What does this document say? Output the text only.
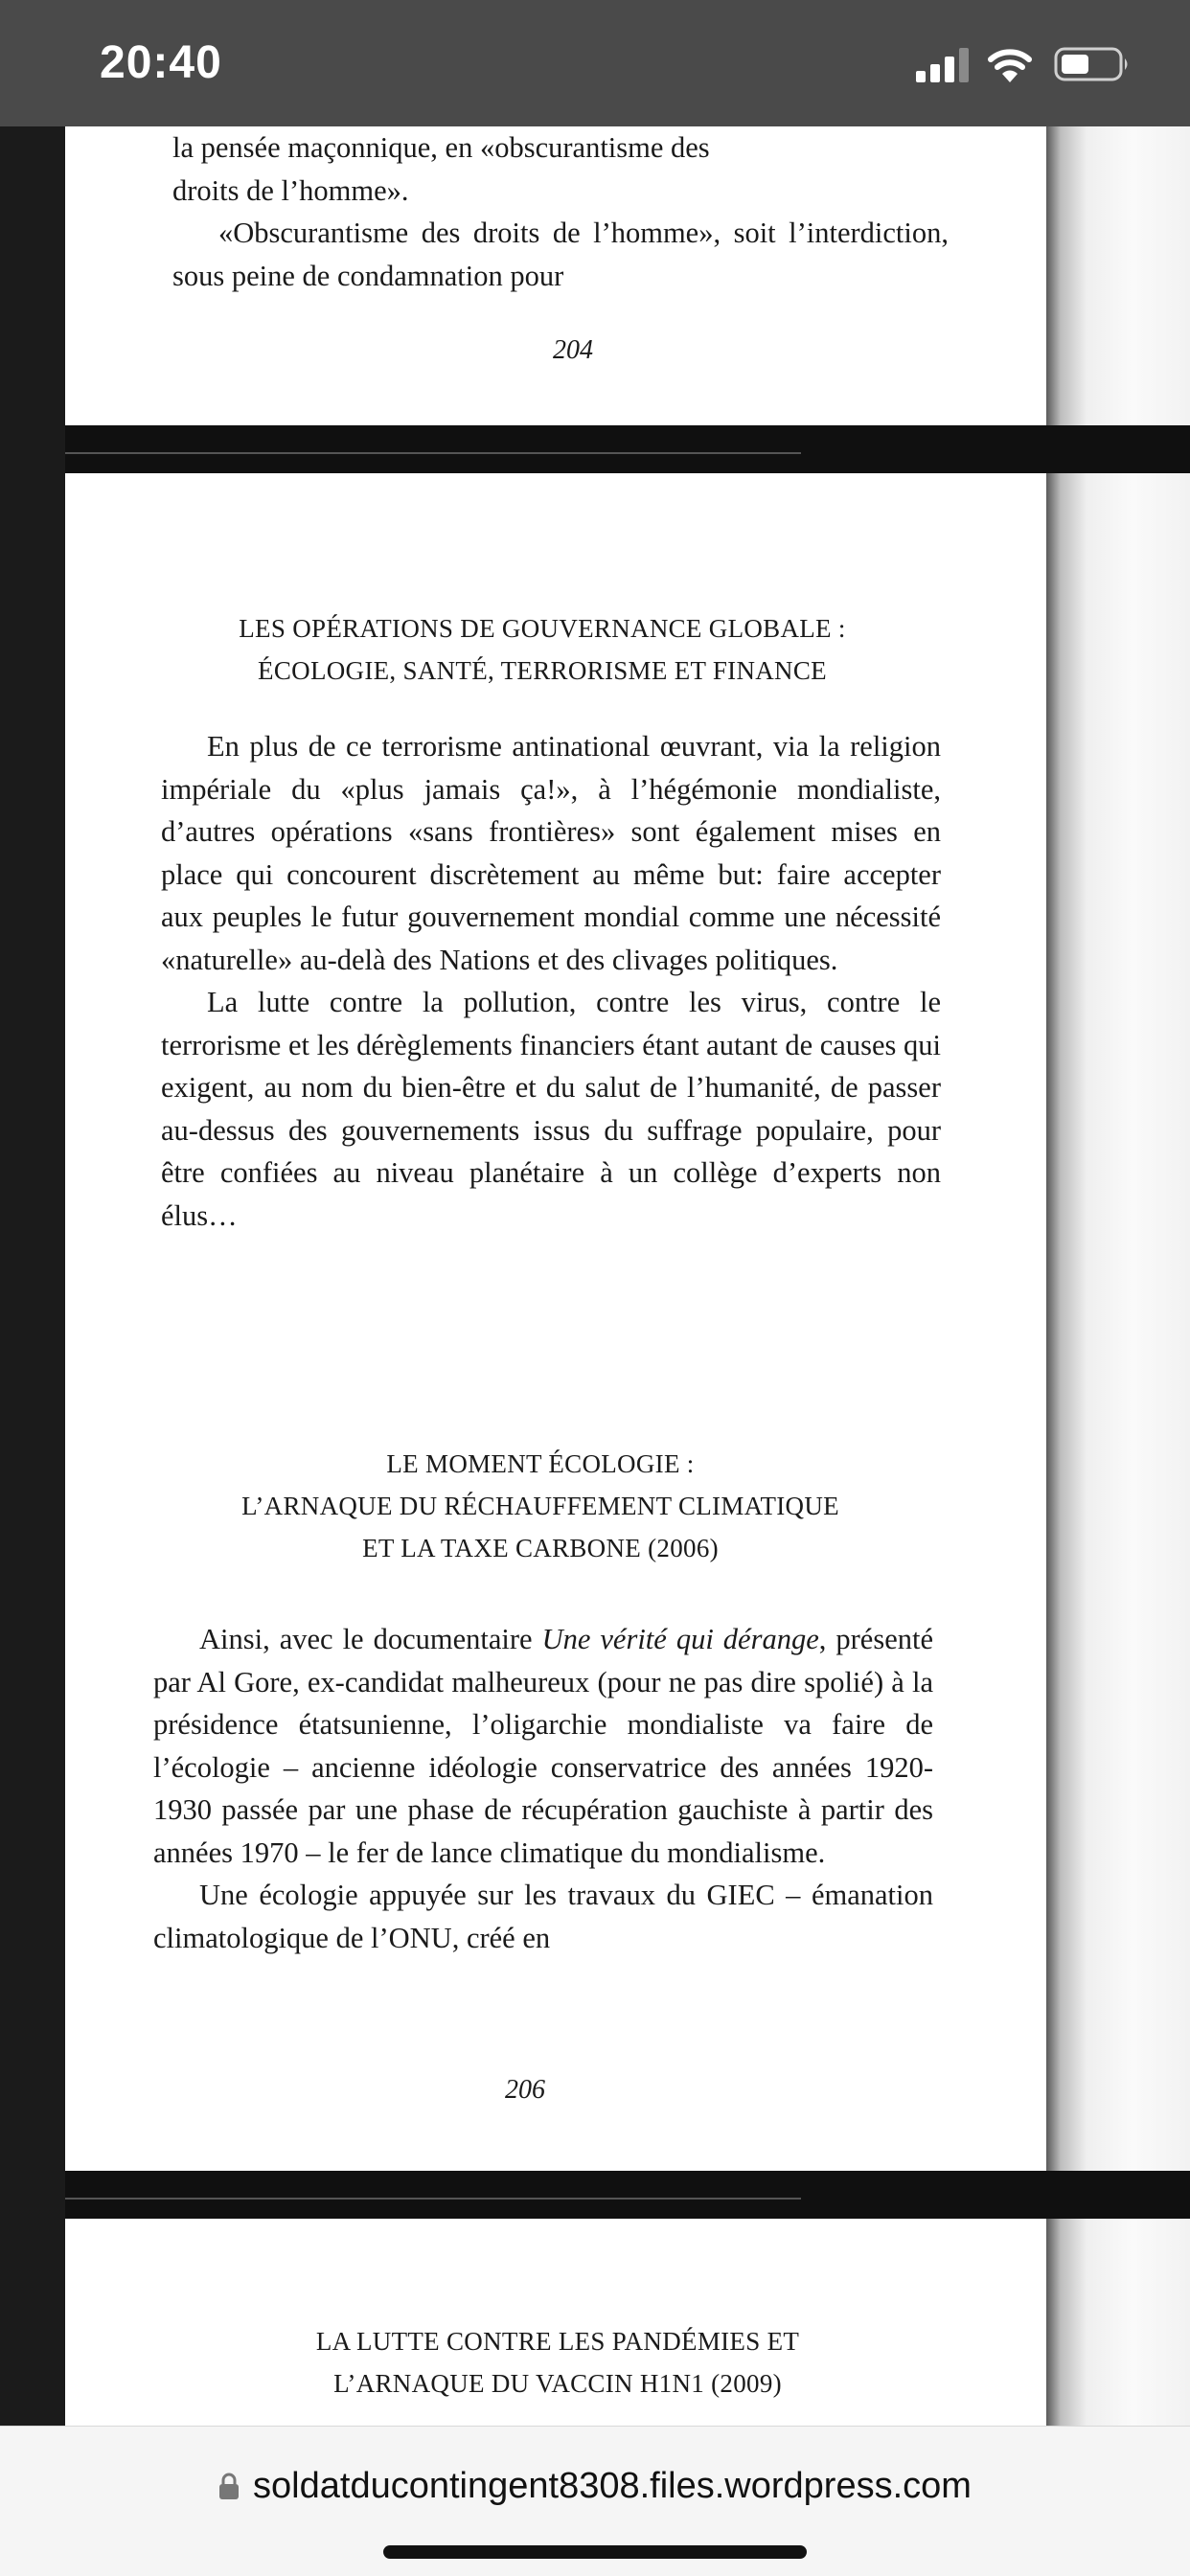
20:40

la pensée maçonnique, en «obscurantisme des

droits de l’homme».

«Obscurantisme des droits de l’homme», soit l’interdiction, sous peine de condamnation pour

204
LES OPÉRATIONS DE GOUVERNANCE GLOBALE :
ÉCOLOGIE, SANTÉ, TERRORISME ET FINANCE

En plus de ce terrorisme antinational œuvrant, via la religion impériale du «plus jamais ça!», à l’hégémonie mondialiste, d’autres opérations «sans frontières» sont également mises en place qui concourent discrètement au même but: faire accepter aux peuples le futur gouvernement mondial comme une nécessité «naturelle» au-delà des Nations et des clivages politiques.

La lutte contre la pollution, contre les virus, contre le terrorisme et les dérèglements financiers étant autant de causes qui exigent, au nom du bien-être et du salut de l’humanité, de passer au-dessus des gouvernements issus du suffrage populaire, pour être confiées au niveau planétaire à un collège d’experts non élus…

LE MOMENT ÉCOLOGIE :
L’ARNAQUE DU RÉCHAUFFEMENT CLIMATIQUE
ET LA TAXE CARBONE (2006)

Ainsi, avec le documentaire Une vérité qui dérange, présenté par Al Gore, ex-candidat malheureux (pour ne pas dire spolié) à la présidence étatsunienne, l’oligarchie mondialiste va faire de l’écologie – ancienne idéologie conservatrice des années 1920-1930 passée par une phase de récupération gauchiste à partir des années 1970 – le fer de lance climatique du mondialisme.

Une écologie appuyée sur les travaux du GIEC – émanation climatologique de l’ONU, créé en

206
LA LUTTE CONTRE LES PANDÉMIES ET
L’ARNAQUE DU VACCIN H1N1 (2009)
soldatducontingent8308.files.wordpress.com
